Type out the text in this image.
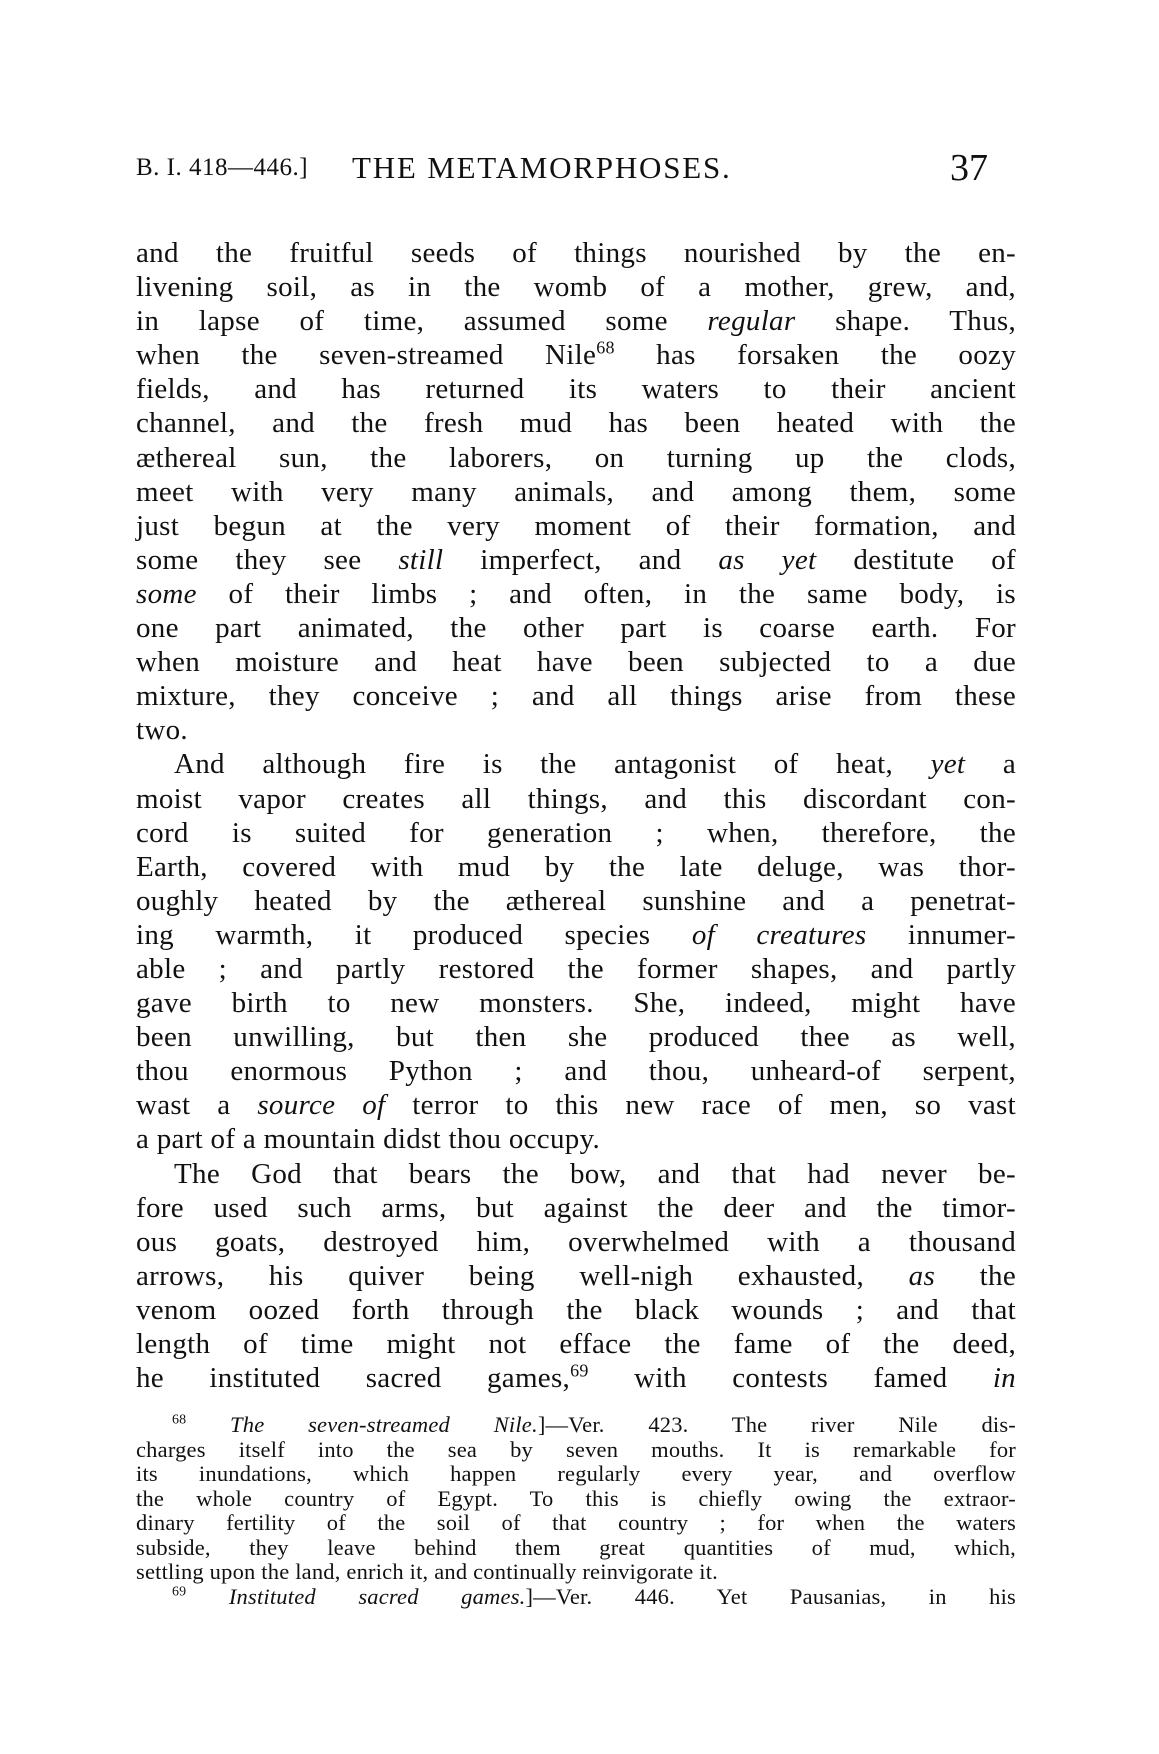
B. I. 418—446.] THE METAMORPHOSES.	37

and the fruitful seeds of things nourished by the en-
livening soil, as in the womb of a mother, grew, and,
in lapse of time, assumed some regular shape. Thus,
when the seven-streamed Nile$^{68}$ has forsaken the oozy
fields, and has returned its waters to their ancient
channel, and the fresh mud has been heated with the
æthereal sun, the laborers, on turning up the clods,
meet with very many animals, and among them, some
just begun at the very moment of their formation, and
some they see still imperfect, and as yet destitute of
some of their limbs ; and often, in the same body, is
one part animated, the other part is coarse earth. For
when moisture and heat have been subjected to a due
mixture, they conceive ; and all things arise from these
two.

And although fire is the antagonist of heat, yet a
moist vapor creates all things, and this discordant con-
cord is suited for generation ; when, therefore, the
Earth, covered with mud by the late deluge, was thor-
oughly heated by the æthereal sunshine and a penetrat-
ing warmth, it produced species of creatures innumer-
able ; and partly restored the former shapes, and partly
gave birth to new monsters. She, indeed, might have
been unwilling, but then she produced thee as well,
thou enormous Python ; and thou, unheard-of serpent,
wast a source of terror to this new race of men, so vast
a part of a mountain didst thou occupy.

The God that bears the bow, and that had never be-
fore used such arms, but against the deer and the timor-
ous goats, destroyed him, overwhelmed with a thousand
arrows, his quiver being well-nigh exhausted, as the
venom oozed forth through the black wounds ; and that
length of time might not efface the fame of the deed,
he instituted sacred games,$^{69}$ with contests famed in

$^{68}$ The seven-streamed Nile.]—Ver. 423. The river Nile dis-
charges itself into the sea by seven mouths. It is remarkable for
its inundations, which happen regularly every year, and overflow
the whole country of Egypt. To this is chiefly owing the extraor-
dinary fertility of the soil of that country ; for when the waters
subside, they leave behind them great quantities of mud, which,
settling upon the land, enrich it, and continually reinvigorate it.
$^{69}$ Instituted sacred games.]—Ver. 446. Yet Pausanias, in his
